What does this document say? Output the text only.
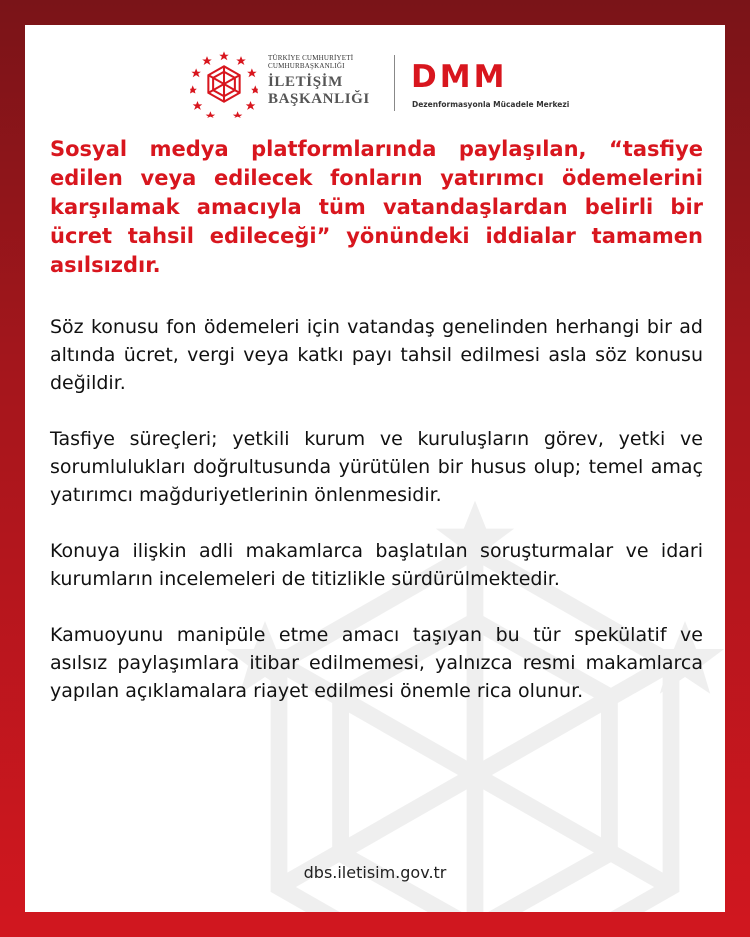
TÜRKİYE CUMHURİYETİ
CUMHURBAŞKANLIĞI
İLETİŞİM
BAŞKANLIĞI
DMM
Dezenformasyonla Mücadele Merkezi

Sosyal medya platformlarında paylaşılan, “tasfiye edilen veya edilecek fonların yatırımcı ödemelerini karşılamak amacıyla tüm vatandaşlardan belirli bir ücret tahsil edileceği” yönündeki iddialar tamamen asılsızdır.

Söz konusu fon ödemeleri için vatandaş genelinden herhangi bir ad altında ücret, vergi veya katkı payı tahsil edilmesi asla söz konusu değildir.

Tasfiye süreçleri; yetkili kurum ve kuruluşların görev, yetki ve sorumlulukları doğrultusunda yürütülen bir husus olup; temel amaç yatırımcı mağduriyetlerinin önlenmesidir.

Konuya ilişkin adli makamlarca başlatılan soruşturmalar ve idari kurumların incelemeleri de titizlikle sürdürülmektedir.

Kamuoyunu manipüle etme amacı taşıyan bu tür spekülatif ve asılsız paylaşımlara itibar edilmemesi, yalnızca resmi makamlarca yapılan açıklamalara riayet edilmesi önemle rica olunur.

dbs.iletisim.gov.tr
